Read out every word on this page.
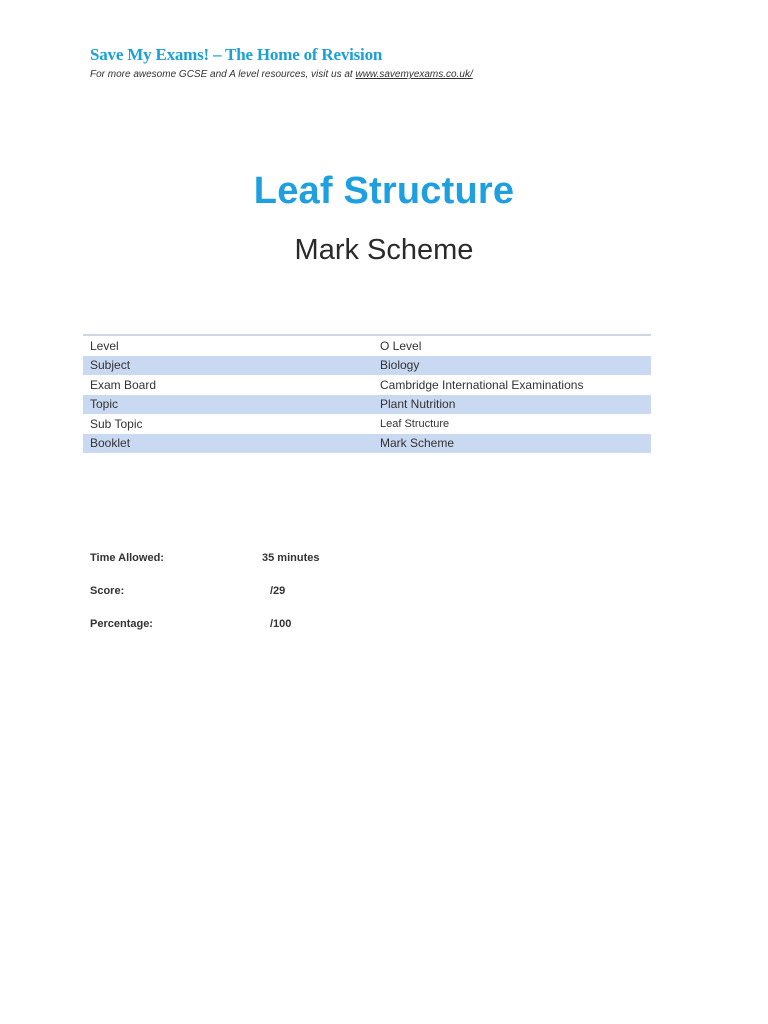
Save My Exams! – The Home of Revision
For more awesome GCSE and A level resources, visit us at www.savemyexams.co.uk/
Leaf Structure
Mark Scheme
Level	O Level
Subject	Biology
Exam Board	Cambridge International Examinations
Topic	Plant Nutrition
Sub Topic	Leaf Structure
Booklet	Mark Scheme
Time Allowed:	35 minutes
Score:	/29
Percentage:	/100
